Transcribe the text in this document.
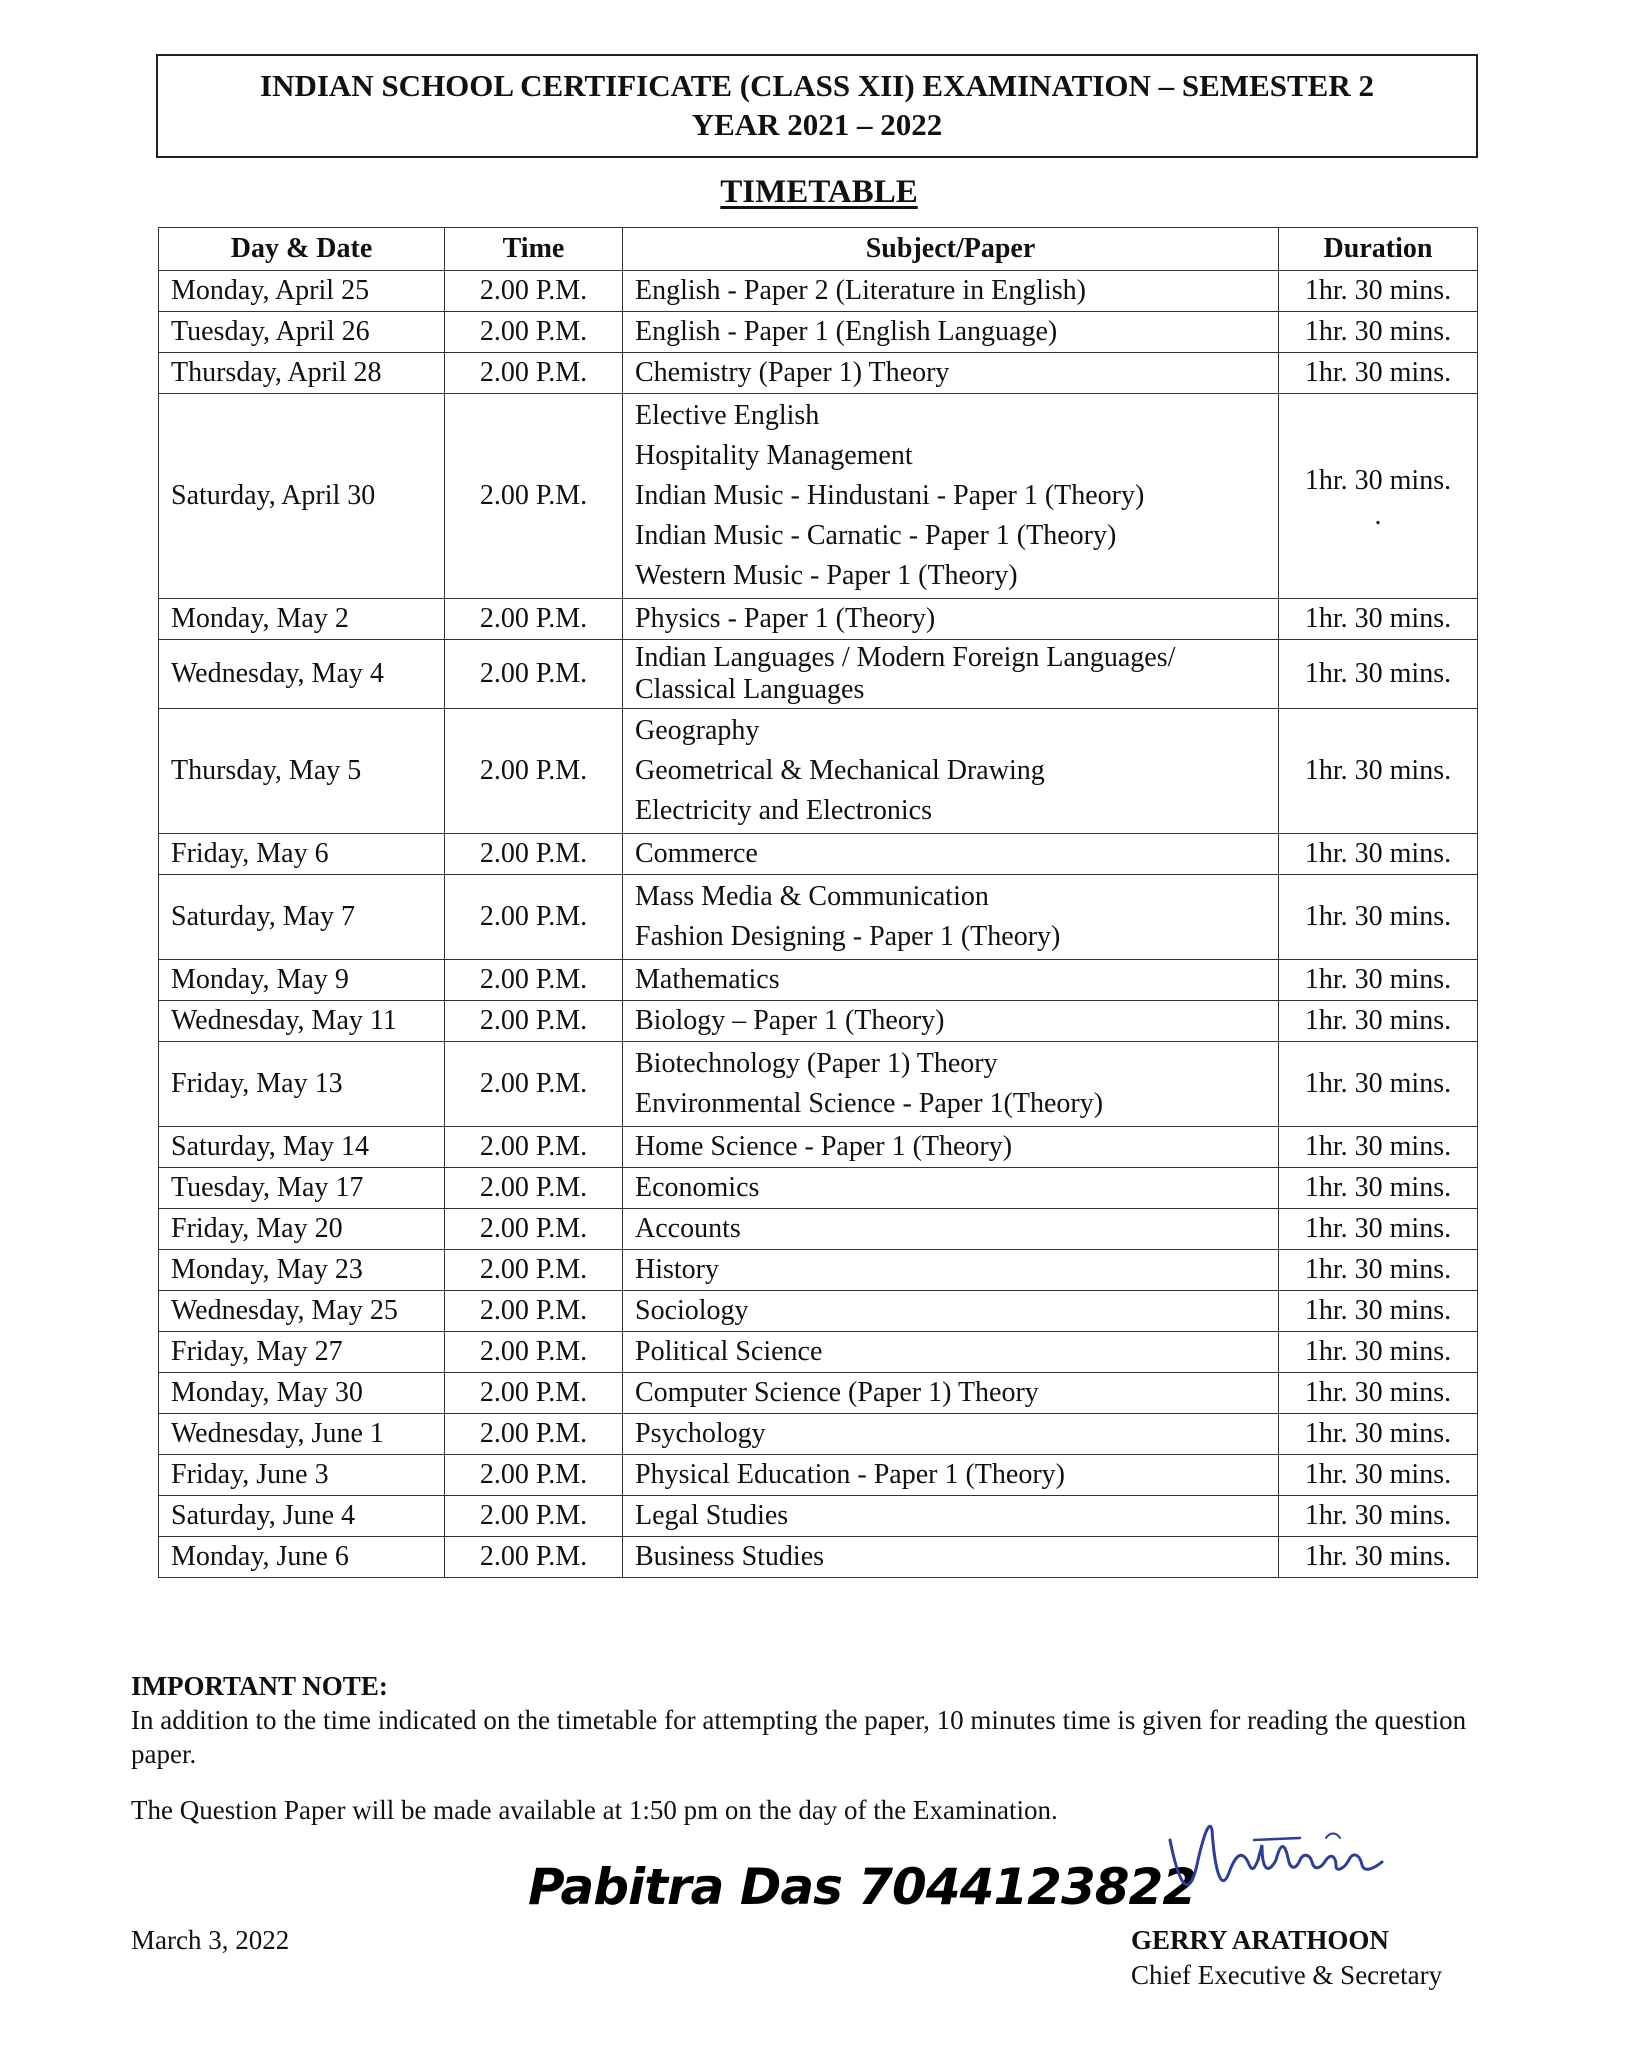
INDIAN SCHOOL CERTIFICATE (CLASS XII) EXAMINATION – SEMESTER 2
YEAR 2021 – 2022
TIMETABLE
Day & Date	Time	Subject/Paper	Duration
Monday, April 25	2.00 P.M.	English - Paper 2 (Literature in English)	1hr. 30 mins.
Tuesday, April 26	2.00 P.M.	English - Paper 1 (English Language)	1hr. 30 mins.
Thursday, April 28	2.00 P.M.	Chemistry (Paper 1) Theory	1hr. 30 mins.
Saturday, April 30	2.00 P.M.	Elective English
Hospitality Management
Indian Music - Hindustani - Paper 1 (Theory)
Indian Music - Carnatic - Paper 1 (Theory)
Western Music - Paper 1 (Theory)	1hr. 30 mins.
.

Monday, May 2	2.00 P.M.	Physics - Paper 1 (Theory)	1hr. 30 mins.
Wednesday, May 4	2.00 P.M.	Indian Languages / Modern Foreign Languages/
Classical Languages	1hr. 30 mins.
Thursday, May 5	2.00 P.M.	Geography
Geometrical & Mechanical Drawing
Electricity and Electronics	1hr. 30 mins.
Friday, May 6	2.00 P.M.	Commerce	1hr. 30 mins.
Saturday, May 7	2.00 P.M.	Mass Media & Communication
Fashion Designing - Paper 1 (Theory)	1hr. 30 mins.
Monday, May 9	2.00 P.M.	Mathematics	1hr. 30 mins.
Wednesday, May 11	2.00 P.M.	Biology – Paper 1 (Theory)	1hr. 30 mins.
Friday, May 13	2.00 P.M.	Biotechnology (Paper 1) Theory
Environmental Science - Paper 1(Theory)	1hr. 30 mins.
Saturday, May 14	2.00 P.M.	Home Science - Paper 1 (Theory)	1hr. 30 mins.
Tuesday, May 17	2.00 P.M.	Economics	1hr. 30 mins.
Friday, May 20	2.00 P.M.	Accounts	1hr. 30 mins.
Monday, May 23	2.00 P.M.	History	1hr. 30 mins.
Wednesday, May 25	2.00 P.M.	Sociology	1hr. 30 mins.
Friday, May 27	2.00 P.M.	Political Science	1hr. 30 mins.
Monday, May 30	2.00 P.M.	Computer Science (Paper 1) Theory	1hr. 30 mins.
Wednesday, June 1	2.00 P.M.	Psychology	1hr. 30 mins.
Friday, June 3	2.00 P.M.	Physical Education - Paper 1 (Theory)	1hr. 30 mins.
Saturday, June 4	2.00 P.M.	Legal Studies	1hr. 30 mins.
Monday, June 6	2.00 P.M.	Business Studies	1hr. 30 mins.
IMPORTANT NOTE:
In addition to the time indicated on the timetable for attempting the paper, 10 minutes time is given for reading the question paper.
The Question Paper will be made available at 1:50 pm on the day of the Examination.
Pabitra Das 7044123822
March 3, 2022	GERRY ARATHOON
Chief Executive & Secretary
